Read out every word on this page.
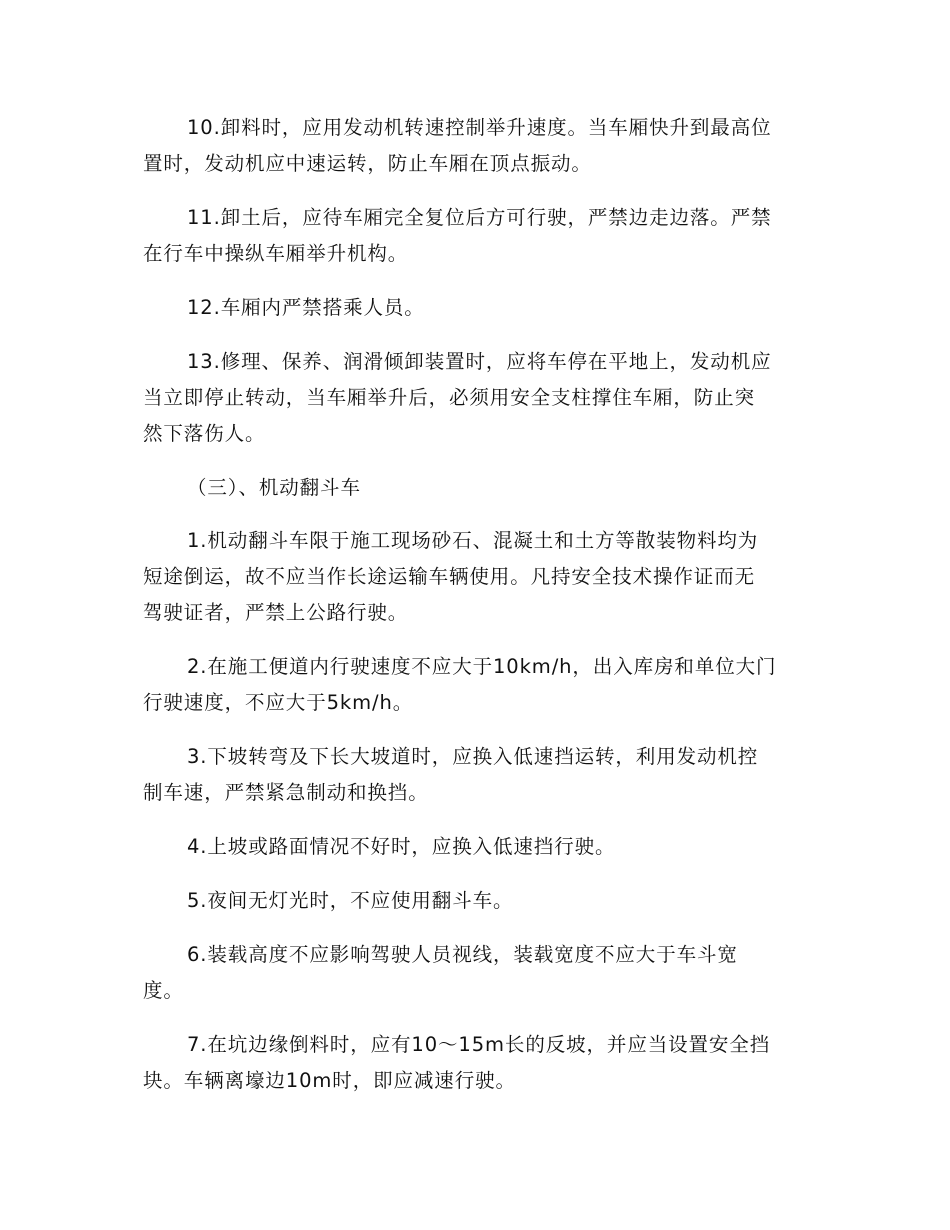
10.卸料时，应用发动机转速控制举升速度。当车厢快升到最高位
置时，发动机应中速运转，防止车厢在顶点振动。
11.卸土后，应待车厢完全复位后方可行驶，严禁边走边落。严禁
在行车中操纵车厢举升机构。
12.车厢内严禁搭乘人员。
13.修理、保养、润滑倾卸装置时，应将车停在平地上，发动机应
当立即停止转动，当车厢举升后，必须用安全支柱撑住车厢，防止突
然下落伤人。
（三）、机动翻斗车
1.机动翻斗车限于施工现场砂石、混凝土和土方等散装物料均为
短途倒运，故不应当作长途运输车辆使用。凡持安全技术操作证而无
驾驶证者，严禁上公路行驶。
2.在施工便道内行驶速度不应大于10km/h，出入库房和单位大门
行驶速度，不应大于5km/h。
3.下坡转弯及下长大坡道时，应换入低速挡运转，利用发动机控
制车速，严禁紧急制动和换挡。
4.上坡或路面情况不好时，应换入低速挡行驶。
5.夜间无灯光时，不应使用翻斗车。
6.装载高度不应影响驾驶人员视线，装载宽度不应大于车斗宽
度。
7.在坑边缘倒料时，应有10～15m长的反坡，并应当设置安全挡
块。车辆离壕边10m时，即应减速行驶。
